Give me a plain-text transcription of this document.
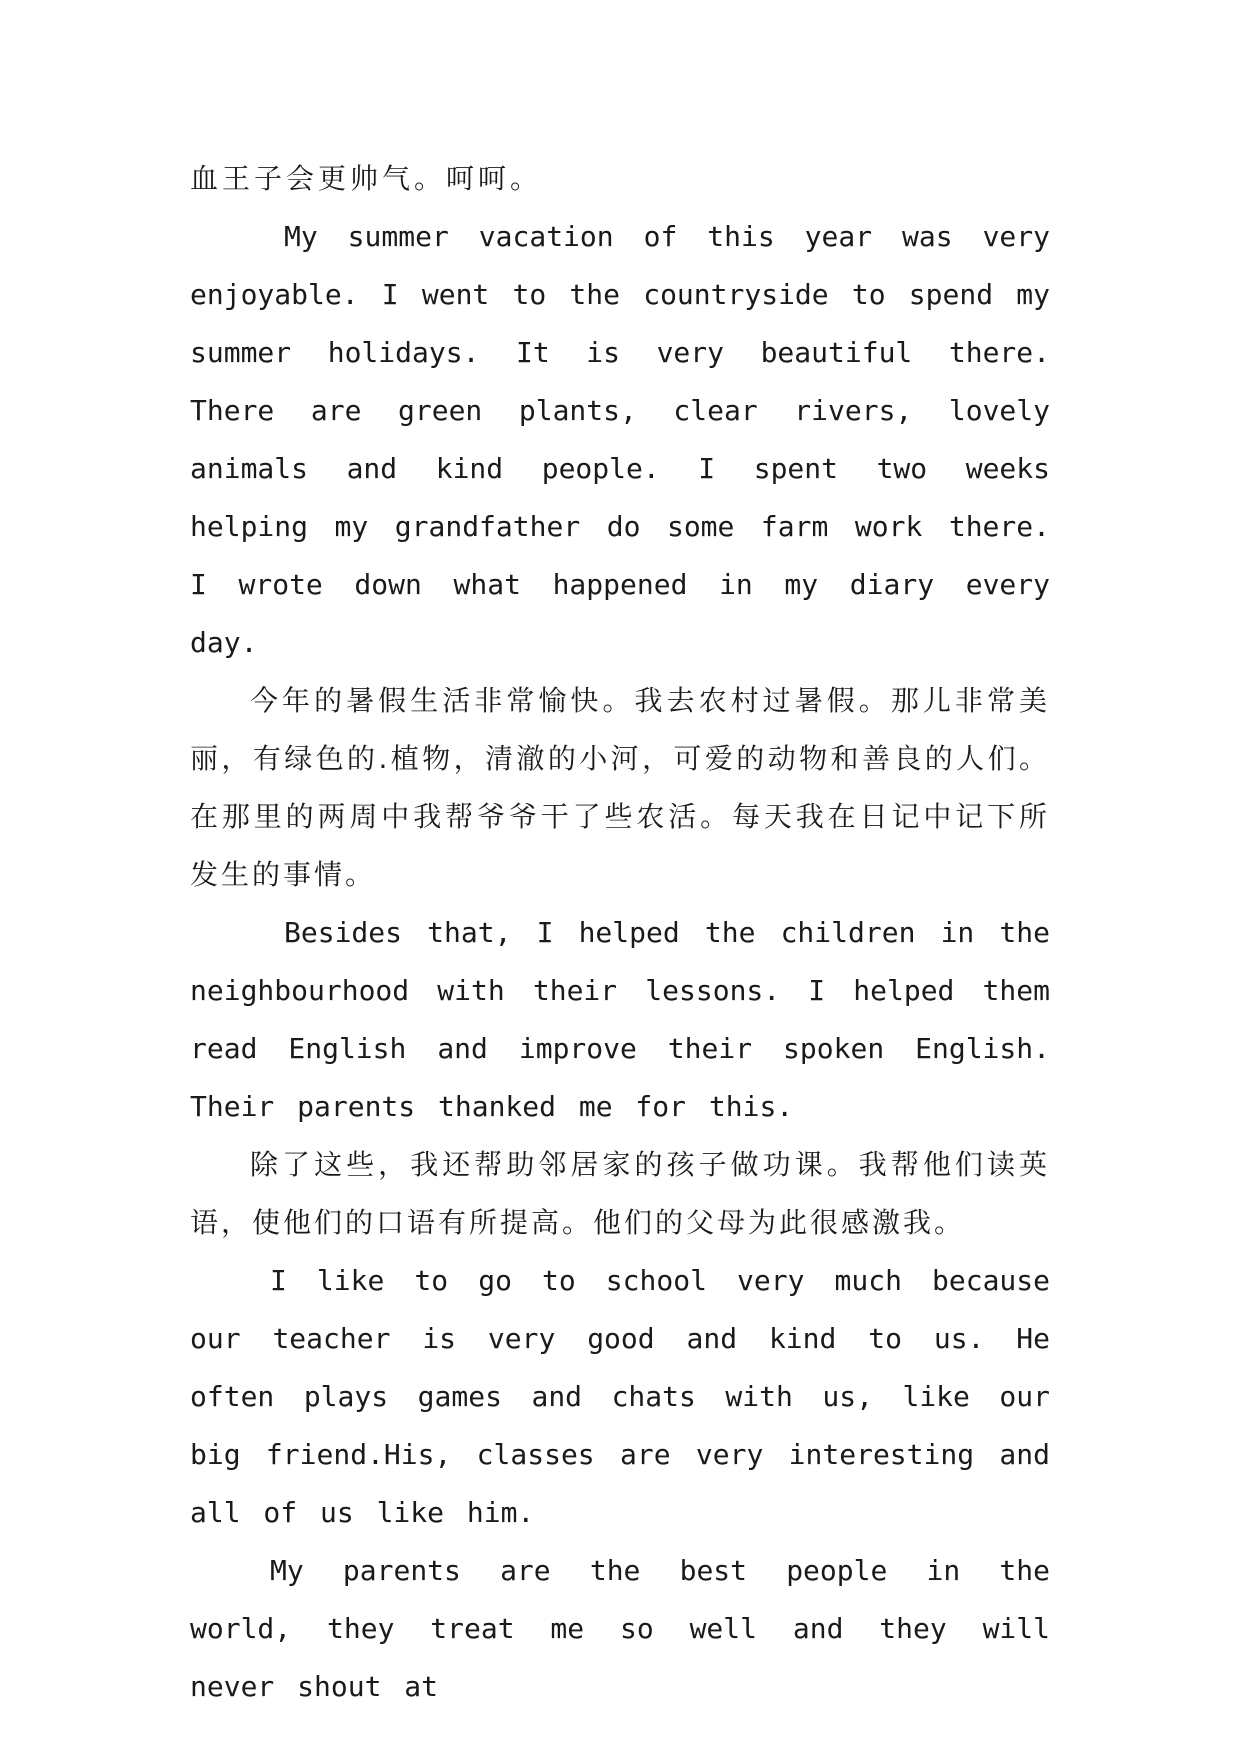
血王子会更帅气。呵呵。

My summer vacation of this year was very enjoyable. I went to the countryside to spend my summer holidays. It is very beautiful there. There are green plants, clear rivers, lovely animals and kind people. I spent two weeks helping my grandfather do some farm work there. I wrote down what happened in my diary every day.

今年的暑假生活非常愉快。我去农村过暑假。那儿非常美丽，有绿色的.植物，清澈的小河，可爱的动物和善良的人们。在那里的两周中我帮爷爷干了些农活。每天我在日记中记下所发生的事情。

Besides that, I helped the children in the neighbourhood with their lessons. I helped them read English and improve their spoken English. Their parents thanked me for this.

除了这些，我还帮助邻居家的孩子做功课。我帮他们读英语，使他们的口语有所提高。他们的父母为此很感激我。

I like to go to school very much because our teacher is very good and kind to us. He often plays games and chats with us, like our big friend.His, classes are very interesting and all of us like him.

My parents are the best people in the world, they treat me so well and they will never shout at
